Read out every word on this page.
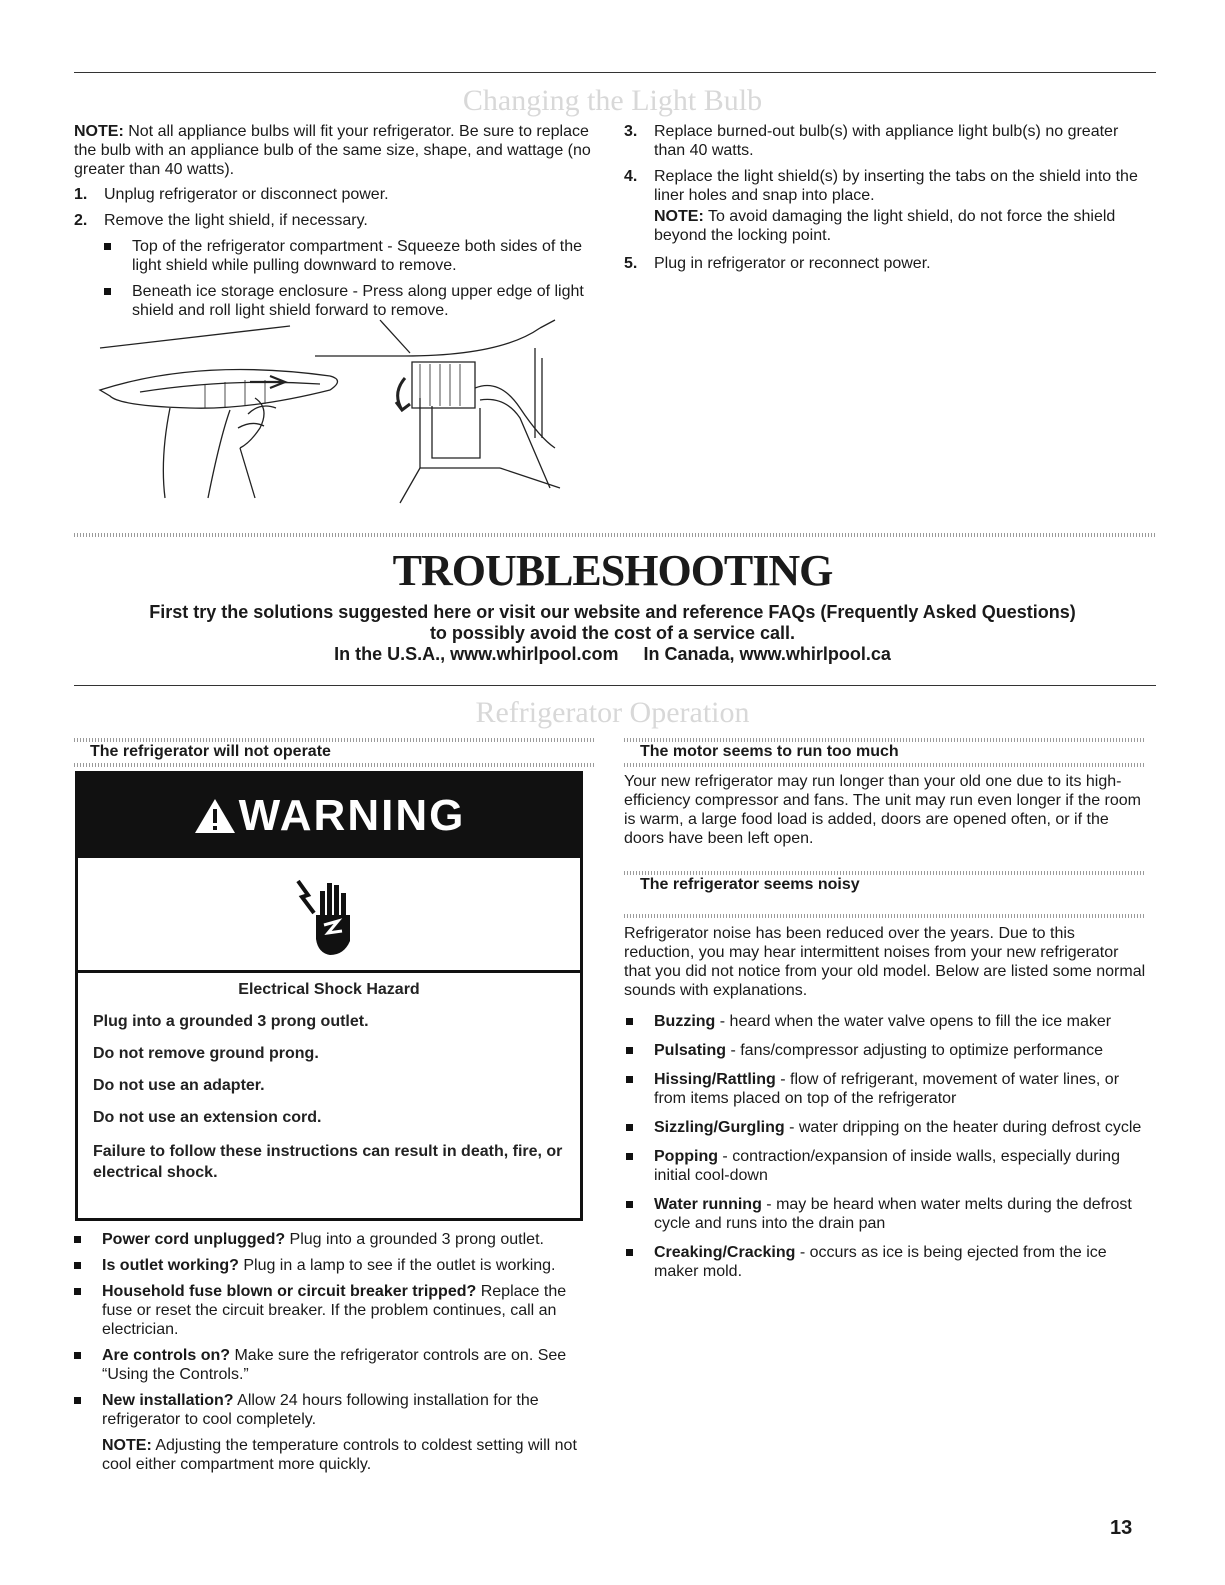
Changing the Light Bulb

NOTE: Not all appliance bulbs will fit your refrigerator. Be sure to replace the bulb with an appliance bulb of the same size, shape, and wattage (no greater than 40 watts).

1. Unplug refrigerator or disconnect power.
2. Remove the light shield, if necessary.
Top of the refrigerator compartment - Squeeze both sides of the light shield while pulling downward to remove.
Beneath ice storage enclosure - Press along upper edge of light shield and roll light shield forward to remove.
3. Replace burned-out bulb(s) with appliance light bulb(s) no greater than 40 watts.
4. Replace the light shield(s) by inserting the tabs on the shield into the liner holes and snap into place.

NOTE: To avoid damaging the light shield, do not force the shield beyond the locking point.

5. Plug in refrigerator or reconnect power.
TROUBLESHOOTING
First try the solutions suggested here or visit our website and reference FAQs (Frequently Asked Questions)
to possibly avoid the cost of a service call.
In the U.S.A., www.whirlpool.com     In Canada, www.whirlpool.ca
Refrigerator Operation
The refrigerator will not operate
WARNING
Electrical Shock Hazard
Plug into a grounded 3 prong outlet.
Do not remove ground prong.
Do not use an adapter.
Do not use an extension cord.
Failure to follow these instructions can result in death, fire, or electrical shock.
Power cord unplugged? Plug into a grounded 3 prong outlet.
Is outlet working? Plug in a lamp to see if the outlet is working.
Household fuse blown or circuit breaker tripped? Replace the fuse or reset the circuit breaker. If the problem continues, call an electrician.
Are controls on? Make sure the refrigerator controls are on. See “Using the Controls.”
New installation? Allow 24 hours following installation for the refrigerator to cool completely.

NOTE: Adjusting the temperature controls to coldest setting will not cool either compartment more quickly.

The motor seems to run too much

Your new refrigerator may run longer than your old one due to its high-efficiency compressor and fans. The unit may run even longer if the room is warm, a large food load is added, doors are opened often, or if the doors have been left open.

The refrigerator seems noisy

Refrigerator noise has been reduced over the years. Due to this reduction, you may hear intermittent noises from your new refrigerator that you did not notice from your old model. Below are listed some normal sounds with explanations.

Buzzing - heard when the water valve opens to fill the ice maker
Pulsating - fans/compressor adjusting to optimize performance
Hissing/Rattling - flow of refrigerant, movement of water lines, or from items placed on top of the refrigerator
Sizzling/Gurgling - water dripping on the heater during defrost cycle
Popping - contraction/expansion of inside walls, especially during initial cool-down
Water running - may be heard when water melts during the defrost cycle and runs into the drain pan
Creaking/Cracking - occurs as ice is being ejected from the ice maker mold.
13
